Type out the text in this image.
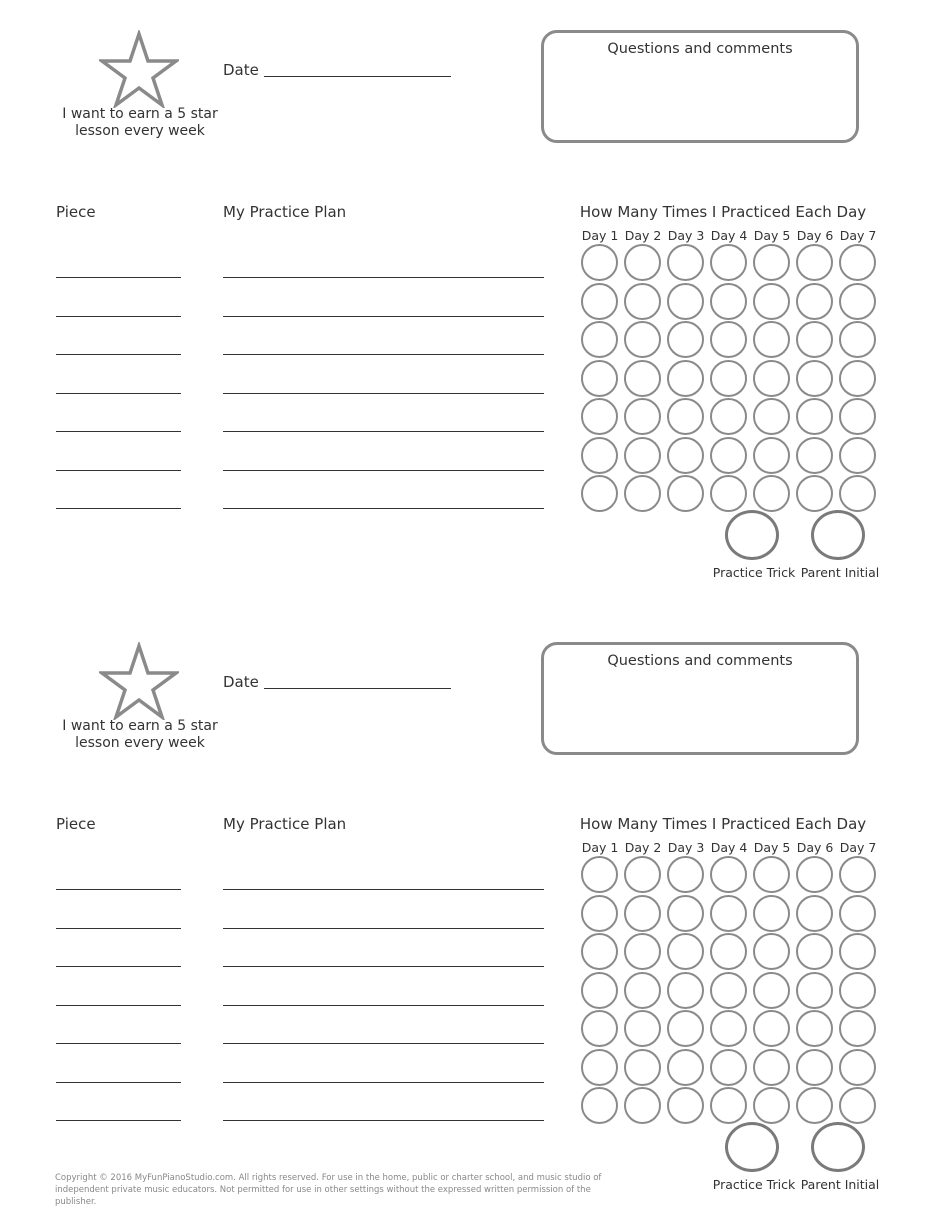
I want to earn a 5 star lesson every week
Date
Questions and comments
Piece	My Practice Plan	How Many Times I Practiced Each Day
Practice Trick Parent Initial
Day 1 Day 2 Day 3 Day 4 Day 5 Day 6 Day 7
I want to earn a 5 star lesson every week
Date
Questions and comments
Piece	My Practice Plan	How Many Times I Practiced Each Day
Practice Trick Parent Initial
Day 1 Day 2 Day 3 Day 4 Day 5 Day 6 Day 7
Copyright © 2016 MyFunPianoStudio.com. All rights reserved. For use in the home, public or charter school, and music studio of independent private music educators. Not permitted for use in other settings without the expressed written permission of the publisher.
